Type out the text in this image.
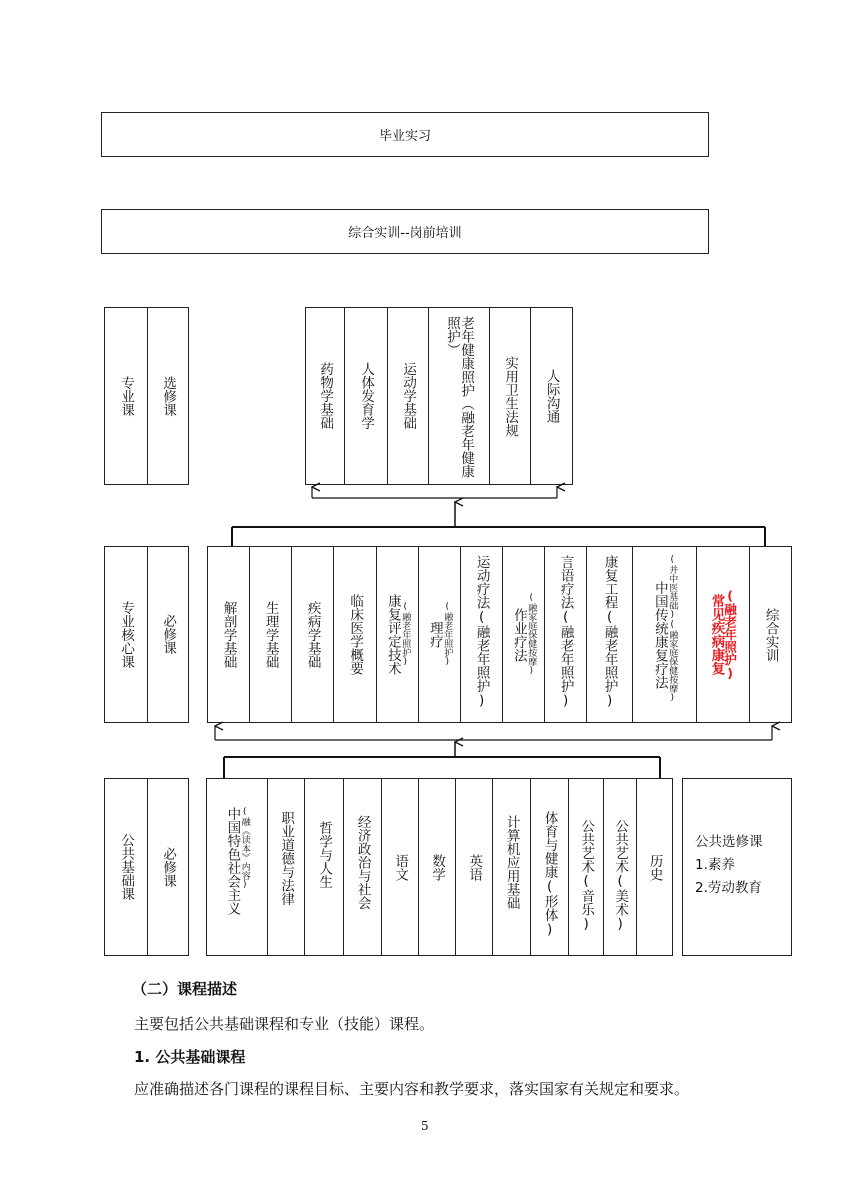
毕业实习
综合实训--岗前培训
专业课 选修课	药物学基础 人体发育学 运动学基础	老年健康照护（融老年健康照护）
实用卫生法规 人际沟通
专业核心课 必修课	解剖学基础 生理学基础 疾病学基础 临床医学概要 康复评定技术 (融老年照护) 理疗 (融老年照护) 运动疗法(融老年照护) 作业疗法 (融家庭保健按摩) 言语疗法(融老年照护) 康复工程(融老年照护)	中国传统康复疗法 (并中医基础)(融家庭保健按摩) 常见疾病康复
(融老年照护) 综合实训
公共基础课 必修课	中国特色社会主义 (融《读本》内容) 职业道德与法律 哲学与人生 经济政治与社会 语文 数学 英语 计算机应用基础 体育与健康(形体) 公共艺术(音乐) 公共艺术(美术) 历史
公共选修课
1.素养
2.劳动教育
（二）课程描述
主要包括公共基础课程和专业（技能）课程。
1. 公共基础课程
应准确描述各门课程的课程目标、主要内容和教学要求，落实国家有关规定和要求。
5
